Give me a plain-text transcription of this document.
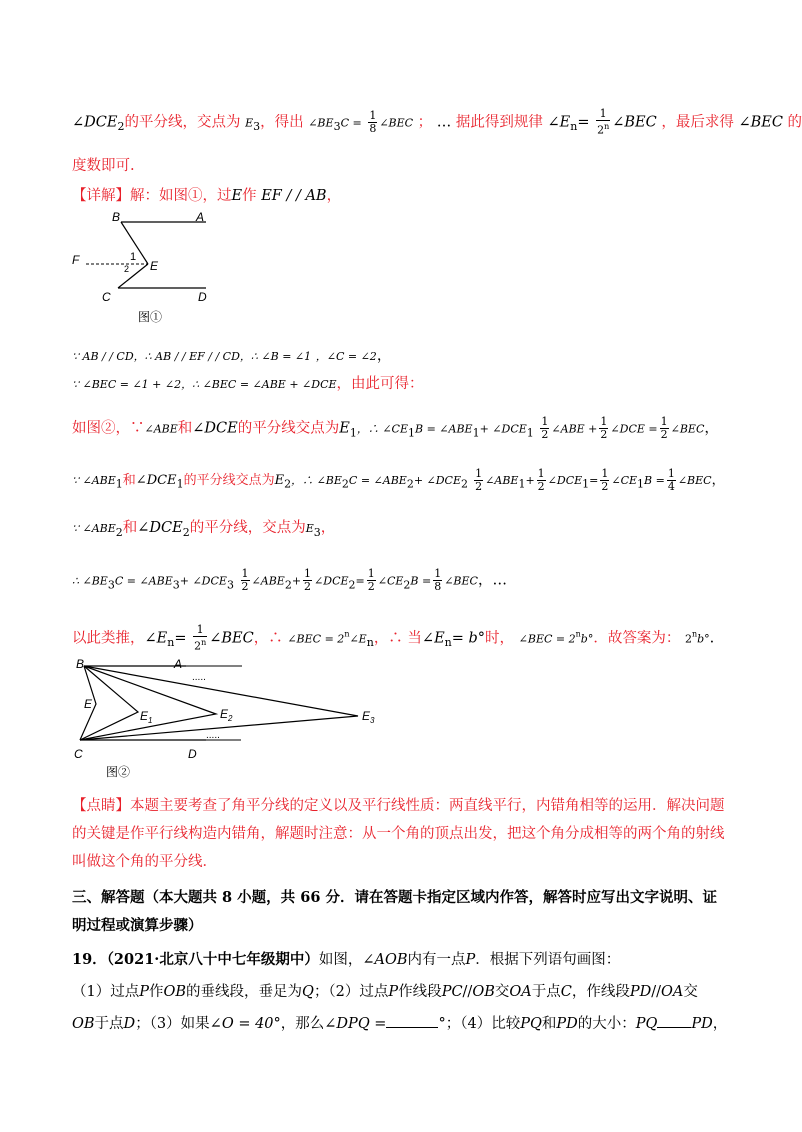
$\angle DCE_2$的平分线，交点为 $E_3$，得出 $\angle BE_3C = \frac{1}{8}$ ∠BEC ； … 据此得到规律 $\angle E_n= \frac{1}{2^n}$ ∠BEC ，最后求得 ∠BEC 的
度数即可.
【详解】解：如图①，过E作 EF / / AB，
B	A
F	E
1
2
C	D
图①
∵ AB / / CD，∴ AB / / EF / / CD，∴ ∠B = ∠1 ，∠C = ∠2，
∵ ∠BEC = ∠1 + ∠2，∴ ∠BEC = ∠ABE + ∠DCE，由此可得：
如图②，∵∠ABE和∠DCE的平分线交点为$E_1$，∴ $\angle CE_1B$ = $\angle ABE_1+$ $\angle DCE_1 \frac{1}{2}$ ∠ABE + $\frac{1}{2}$ ∠DCE = $\frac{1}{2}$ ∠BEC，
∵ $\angle ABE_1$和$\angle DCE_1$的平分线交点为$E_2$，∴ $\angle BE_2C$ = $\angle ABE_2+$ $\angle DCE_2 \frac{1}{2}$ $\angle ABE_1+ \frac{1}{2}$ $\angle DCE_1= \frac{1}{2}$ $\angle CE_1B = \frac{1}{4}$ ∠BEC，
∵ $\angle ABE_2$和$\angle DCE_2$的平分线，交点为$E_3$，
∴ $\angle BE_3C$ = $\angle ABE_3+$ $\angle DCE_3 \frac{1}{2}$ $\angle ABE_2+ \frac{1}{2}$ $\angle DCE_2= \frac{1}{2}$ $\angle CE_2B = \frac{1}{8}$ ∠BEC，…
以此类推，$\angle E_n= \frac{1}{2^n}$ ∠BEC，∴ ∠BEC = $2^n\angle E_n$，∴ 当$\angle E_n= b^\circ$时， ∠BEC = $2^nb^\circ$．故答案为： 2$^n$b°.
B	A
.....
E
$E_1$	$E_2$	$E_3$
.....
C	D
图②
【点睛】本题主要考查了角平分线的定义以及平行线性质：两直线平行，内错角相等的运用．解决问题的关键是作平行线构造内错角，解题时注意：从一个角的顶点出发，把这个角分成相等的两个角的射线叫做这个角的平分线．
三、解答题（本大题共 8 小题，共 66 分．请在答题卡指定区域内作答，解答时应写出文字说明、证明过程或演算步骤）
19．（2021·北京八十中七年级期中）如图，∠AOB内有一点P．根据下列语句画图：
（1）过点P作OB的垂线段，垂足为Q；（2）过点P作线段PC//OB交OA于点C，作线段PD//OA交
OB于点D；（3）如果∠O = 40°，那么∠DPQ =	°；（4）比较PQ和PD的大小：PQ PD，
